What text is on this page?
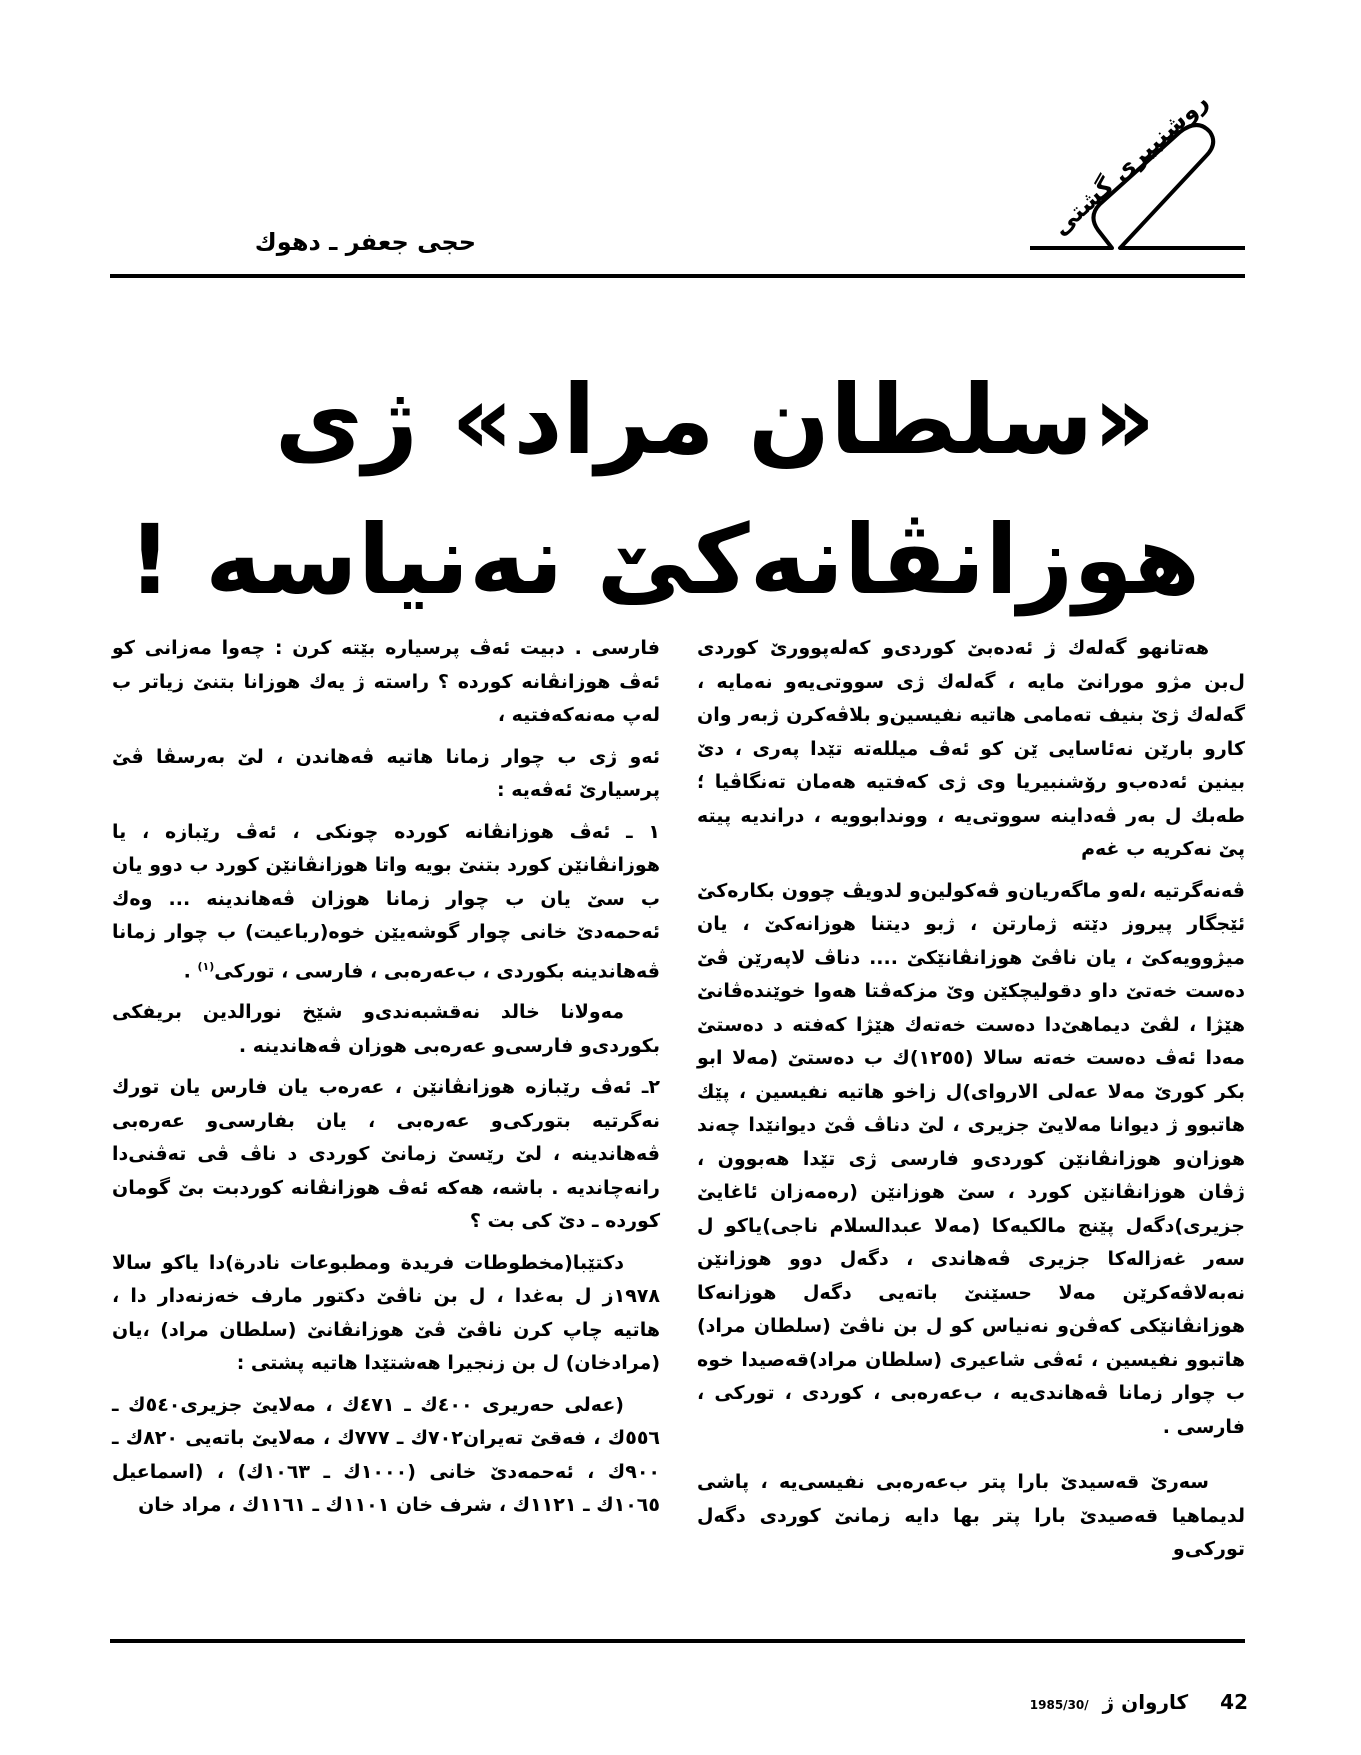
روشنبیری گشتی
حجی جعفر ـ دهوك
«سلطان مراد» ژی
هوزانڤانه‌كێ نه‌نیاسه !

هه‌تانهو گه‌له‌ك ژ ئه‌ده‌بێ كوردی‌و كه‌له‌پوورێ كوردی ل‌بن مژو مورانێ مایه ، گه‌له‌ك ژی سووتی‌یه‌و نه‌مایه ، گه‌له‌ك ژێ بنیف ته‌مامی هاتیه نفیسین‌و بلاڤه‌كرن ژبه‌ر وان كارو بارێن نه‌ئاسایی ێن كو ئه‌ڤ میلله‌ته تێدا په‌ری ، دێ بینین ئه‌ده‌ب‌و رۆشنبیریا وی ژی كه‌فتیه هه‌مان ته‌نگاڤیا ؛ طه‌بك ل به‌ر ڤه‌داینه سووتی‌یه ، ووندابوویه ، دراندیه پیته پێ نه‌كریه ب غه‌م

ڤه‌نه‌گرتیه ،له‌و ماگه‌ریان‌و ڤه‌كولین‌و لدویڤ چوون بكاره‌كێ ئێجگار پیروز دێته ژمارتن ، ژبو دیتنا هوزانه‌كێ ، یان میژوویه‌كێ ، یان ناڤێ هوزانڤانێكێ .... دناڤ لاپه‌رێن ڤێ ده‌ست خه‌تێ داو دقولیچكێن وێ مزكه‌ڤتا هه‌وا خوێنده‌ڤانێ هێژا ، لڤێ دیماهێ‌دا ده‌ست خه‌ته‌ك هێژا كه‌فته د ده‌ستێ مه‌دا ئه‌ڤ ده‌ست خه‌ته سالا (١٢٥٥)ك ب ده‌ستێ (مه‌لا ابو بكر كورێ مه‌لا عه‌لی الاروای)ل زاخو هاتیه نفیسین ، پێك هاتبوو ژ دیوانا مه‌لایێ جزیری ، لێ دناڤ ڤێ دیوانێدا چه‌ند هوزان‌و هوزانڤانێن كوردی‌و فارسی ژی تێدا هه‌بوون ، ژڤان هوزانڤانێن كورد ، سێ هوزانێن (ره‌مه‌زان ئاغایێ جزیری)دگه‌ل پێنج مالكیه‌كا (مه‌لا عبدالسلام ناجی)یاكو ل سه‌ر غه‌زاله‌كا جزیری ڤه‌هاندی ، دگه‌ل دوو هوزانێن نه‌به‌لاڤه‌كرێن مه‌لا حسێنێ باته‌یی دگه‌ل هوزانه‌كا هوزانڤانێكی كه‌ڤن‌و نه‌نیاس كو ل بن ناڤێ (سلطان مراد) هاتبوو نفیسین ، ئه‌ڤی شاعیری (سلطان مراد)قه‌صیدا خوه ب چوار زمانا ڤه‌هاندی‌یه ، ب‌عه‌ره‌بی ، كوردی ، توركی ، فارسی .

سه‌رێ قه‌سیدێ بارا پتر ب‌عه‌ره‌بی نفیسی‌یه ، پاشی لدیماهیا قه‌صیدێ بارا پتر بها دایه زمانێ كوردی دگه‌ل توركی‌و

فارسی . دبیت ئه‌ڤ پرسیاره بێته كرن : چه‌وا مه‌زانی كو ئه‌ڤ هوزانڤانه كورده ؟ راسته ژ یه‌ك هوزانا بتنێ زیاتر ب له‌پ مه‌نه‌كه‌فتیه ،

ئه‌و ژی ب چوار زمانا هاتیه ڤه‌هاندن ، لێ به‌رسڤا ڤێ پرسیارێ ئه‌ڤه‌یه :

١ ـ ئه‌ڤ هوزانڤانه كورده چونكی ، ئه‌ڤ رێبازه ، یا هوزانڤانێن كورد بتنێ بویه واتا هوزانڤانێن كورد ب دوو یان ب سێ یان ب چوار زمانا هوزان ڤه‌هاندینه ... وه‌ك ئه‌حمه‌دێ خانی چوار گوشه‌یێن خوه(رباعیت) ب چوار زمانا ڤه‌هاندینه بكوردی ، ب‌عه‌ره‌بی ، فارسی ، توركی$^{(١)}$ .

مه‌ولانا خالد نه‌قشبه‌ندی‌و شێخ نورالدین بریفكی بكوردی‌و فارسی‌و عه‌ره‌بی هوزان ڤه‌هاندینه .

٢ـ ئه‌ڤ رێبازه هوزانڤانێن ، عه‌ره‌ب یان فارس یان تورك نه‌گرتیه بتوركی‌و عه‌ره‌بی ، یان بفارسی‌و عه‌ره‌بی ڤه‌هاندینه ، لێ رێسێ زمانێ كوردی د ناڤ ڤی ته‌ڤنی‌دا رانه‌چاندیه . باشه، هه‌كه ئه‌ڤ هوزانڤانه كوردبت بێ گومان كورده ـ دێ كی بت ؟

دكتێبا(مخطوطات فریدة ومطبوعات نادرة)دا یاكو سالا ١٩٧٨ز ل به‌غدا ، ل بن ناڤێ دكتور مارف خه‌زنه‌دار دا ، هاتیه چاپ كرن ناڤێ ڤێ هوزانڤانێ (سلطان مراد) ،یان (مرادخان) ل بن زنجیرا هه‌شتێدا هاتیه پشتی :

(عه‌لی حه‌ریری ٤٠٠ك ـ ٤٧١ك ، مه‌لایێ جزیری٥٤٠ك ـ ٥٥٦ك ، فه‌قێ ته‌یران٧٠٢ك ـ ٧٧٧ك ، مه‌لایێ باته‌یی ٨٢٠ك ـ ٩٠٠ك ، ئه‌حمه‌دێ خانی (١٠٠٠ك ـ ١٠٦٣ك) ، (اسماعیل ١٠٦٥ك ـ ١١٢١ك ، شرف خان ١١٠١ك ـ ١١٦١ك ، مراد خان

1985/30/ كاروان ژ 42
